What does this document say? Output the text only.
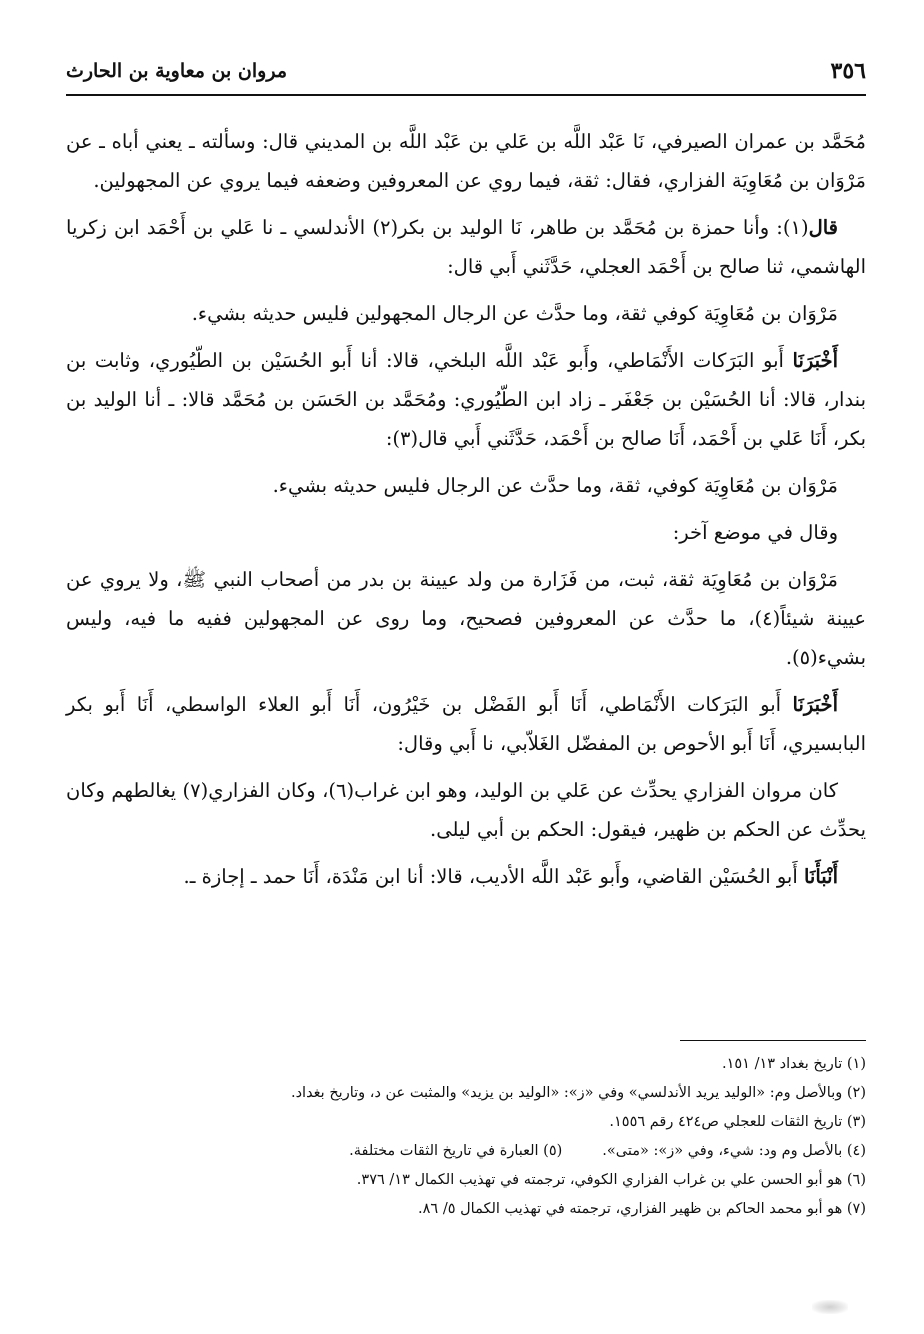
٣٥٦
مروان بن معاوية بن الحارث

مُحَمَّد بن عمران الصيرفي، نَا عَبْد اللَّه بن عَلي بن عَبْد اللَّه بن المديني قال: وسألته ـ يعني أباه ـ عن مَرْوَان بن مُعَاوِيَة الفزاري، فقال: ثقة، فيما روي عن المعروفين وضعفه فيما يروي عن المجهولين.

قال(١): وأنا حمزة بن مُحَمَّد بن طاهر، نَا الوليد بن بكر(٢) الأندلسي ـ نا عَلي بن أَحْمَد ابن زكريا الهاشمي، ثنا صالح بن أَحْمَد العجلي، حَدَّثَني أَبي قال:

مَرْوَان بن مُعَاوِيَة كوفي ثقة، وما حدَّث عن الرجال المجهولين فليس حديثه بشيء.

أَخْبَرَنَا أَبو البَرَكات الأَنْمَاطي، وأَبو عَبْد اللَّه البلخي، قالا: أنا أَبو الحُسَيْن بن الطّيُوري، وثابت بن بندار، قالا: أنا الحُسَيْن بن جَعْفَر ـ زاد ابن الطّيُوري: ومُحَمَّد بن الحَسَن بن مُحَمَّد قالا: ـ أنا الوليد بن بكر، أَنَا عَلي بن أَحْمَد، أَنَا صالح بن أَحْمَد، حَدَّثَني أَبي قال(٣):

مَرْوَان بن مُعَاوِيَة كوفي، ثقة، وما حدَّث عن الرجال فليس حديثه بشيء.

وقال في موضع آخر:

مَرْوَان بن مُعَاوِيَة ثقة، ثبت، من فَزَارة من ولد عيينة بن بدر من أصحاب النبي ﷺ، ولا يروي عن عيينة شيئاً(٤)، ما حدَّث عن المعروفين فصحيح، وما روى عن المجهولين ففيه ما فيه، وليس بشيء(٥).

أَخْبَرَنَا أَبو البَرَكات الأَنْمَاطي، أَنَا أَبو الفَضْل بن خَيْرُون، أَنَا أَبو العلاء الواسطي، أَنَا أَبو بكر البابسيري، أَنَا أَبو الأحوص بن المفضّل الغَلاّبي، نا أَبي وقال:

كان مروان الفزاري يحدِّث عن عَلي بن الوليد، وهو ابن غراب(٦)، وكان الفزاري(٧) يغالطهم وكان يحدِّث عن الحكم بن ظهير، فيقول: الحكم بن أبي ليلى.

أَنْبَأَنَا أَبو الحُسَيْن القاضي، وأَبو عَبْد اللَّه الأديب، قالا: أنا ابن مَنْدَة، أَنَا حمد ـ إجازة ـ.

(١) تاريخ بغداد ١٣/ ١٥١.

(٢) وبالأصل وم: «الوليد يريد الأندلسي» وفي «ز»: «الوليد بن يزيد» والمثبت عن د، وتاريخ بغداد.

(٣) تاريخ الثقات للعجلي ص٤٢٤ رقم ١٥٥٦.

(٤) بالأصل وم ود: شيء، وفي «ز»: «متى».
(٥) العبارة في تاريخ الثقات مختلفة.

(٦) هو أبو الحسن علي بن غراب الفزاري الكوفي، ترجمته في تهذيب الكمال ١٣/ ٣٧٦.

(٧) هو أبو محمد الحاكم بن ظهير الفزاري، ترجمته في تهذيب الكمال ٥/ ٨٦.
